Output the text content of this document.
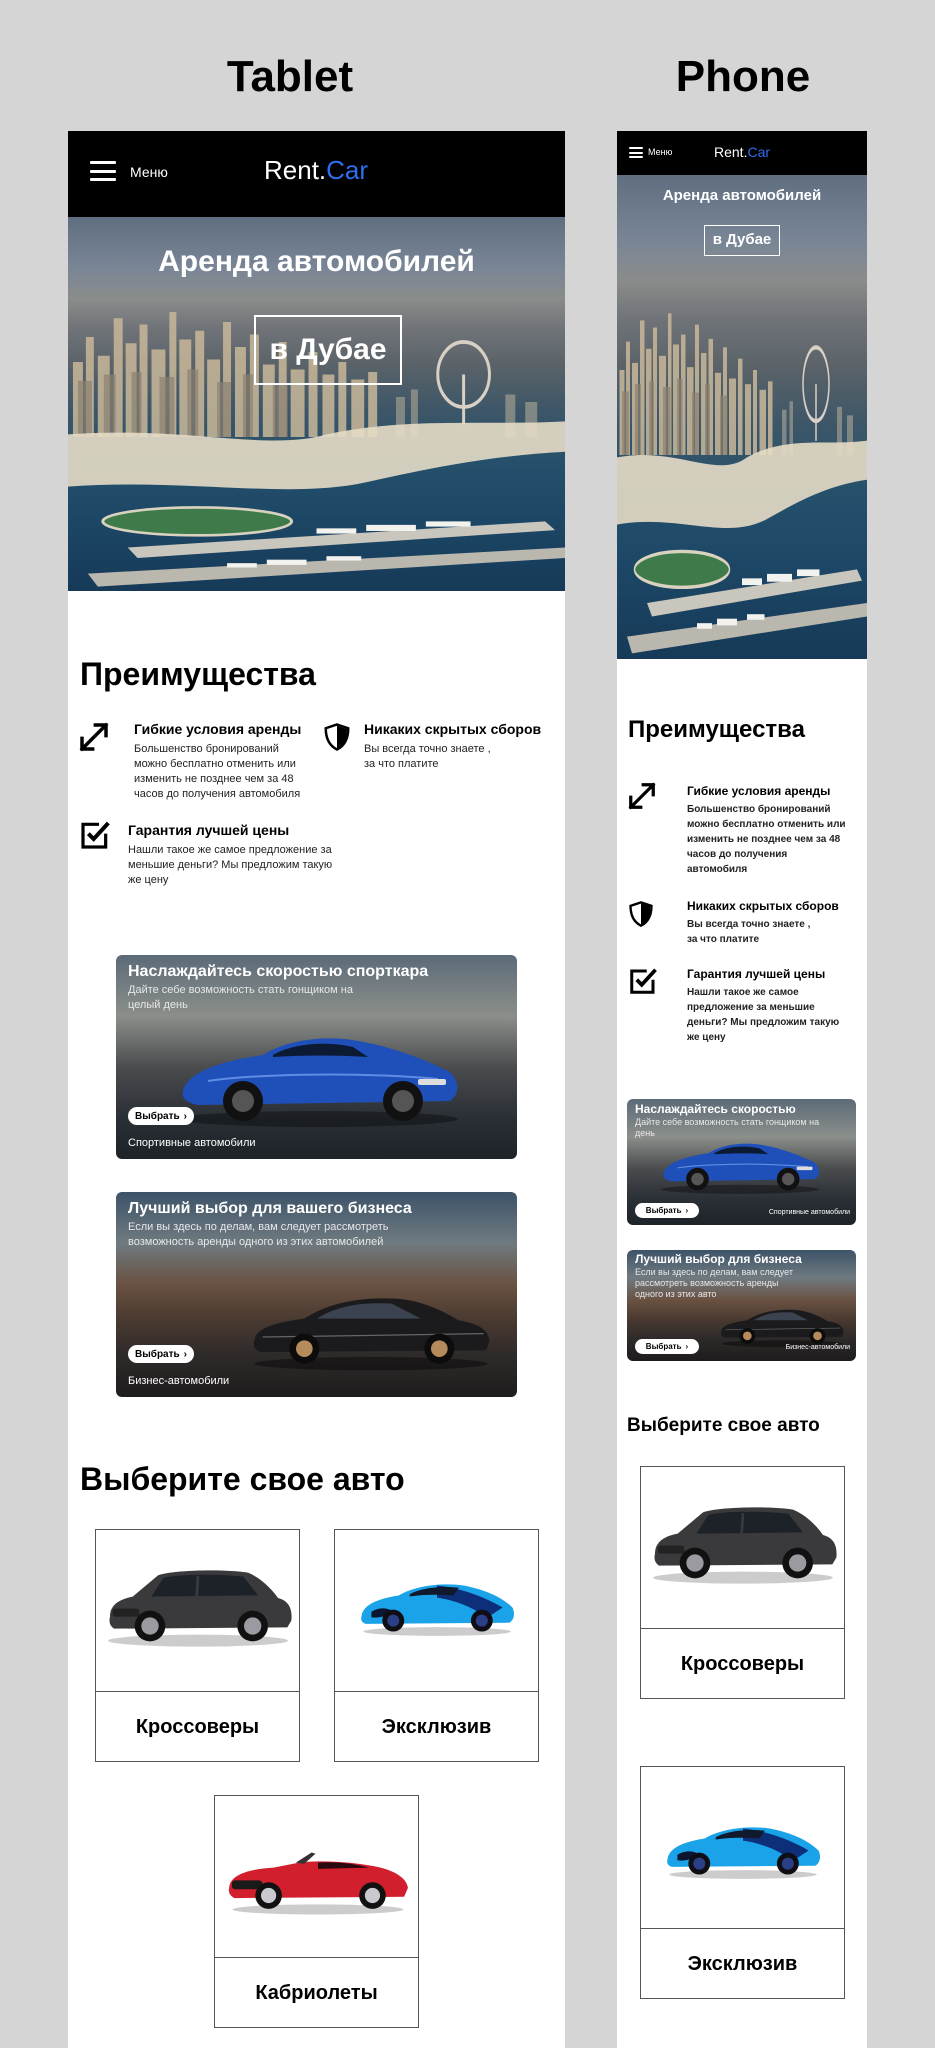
Tablet	Phone
Меню	Rent.Car
Аренда автомобилей
в Дубае
Преимущества
Гибкие условия аренды
Большенство бронирований можно бесплатно отменить или изменить не позднее чем за 48 часов до получения автомобиля
Никаких скрытых сборов
Вы всегда точно знаете , за что платите
Гарантия лучшей цены
Нашли такое же самое предложение за меньшие деньги? Мы предложим такую же цену
Наслаждайтесь скоростью спорткара
Дайте себе возможность стать гонщиком на целый день
Выбрать ›
Спортивные автомобили
Лучший выбор для вашего бизнеса
Если вы здесь по делам, вам следует рассмотреть возможность аренды одного из этих автомобилей
Выбрать ›
Бизнес-автомобили
Выберите свое авто
Кроссоверы	Эксклюзив
Кабриолеты
Меню	Rent.Car
Аренда автомобилей
в Дубае
Преимущества
Гибкие условия аренды
Большенство бронирований можно бесплатно отменить или изменить не позднее чем за 48 часов до получения автомобиля
Никаких скрытых сборов
Вы всегда точно знаете , за что платите
Гарантия лучшей цены
Нашли такое же самое предложение за меньшие деньги? Мы предложим такую же цену
Наслаждайтесь скоростью
Дайте себе возможность стать гонщиком на день
Выбрать ›	Спортивные автомобили
Лучший выбор для бизнеса
Если вы здесь по делам, вам следует рассмотреть возможность аренды одного из этих авто
Выбрать ›	Бизнес-автомобили
Выберите свое авто
Кроссоверы
Эксклюзив
